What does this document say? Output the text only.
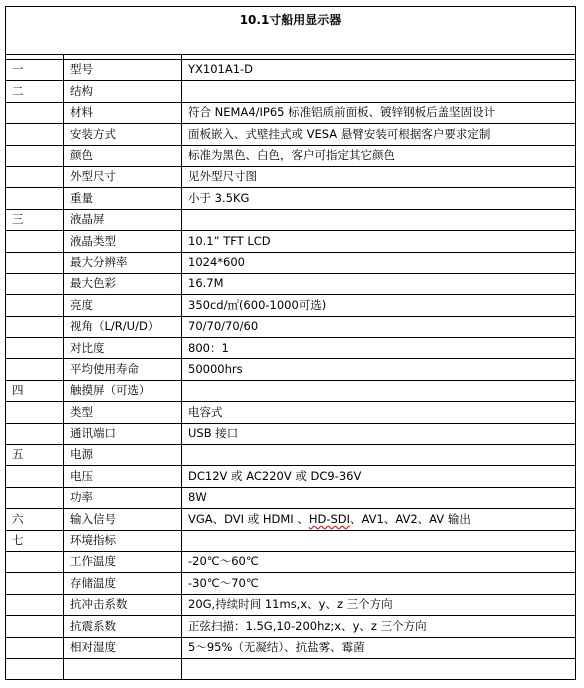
10.1寸船用显示器		

一	型号	YX101A1-D
二	结构	
	材料	符合 NEMA4/IP65 标准铝质前面板、镀锌钢板后盖坚固设计
	安装方式	面板嵌入、式壁挂式或 VESA 悬臂安装可根据客户要求定制
	颜色	标准为黑色、白色，客户可指定其它颜色
	外型尺寸	见外型尺寸图
	重量	小于 3.5KG
三	液晶屏	
	液晶类型	10.1” TFT LCD
	最大分辨率	1024*600
	最大色彩	16.7M
	亮度	350cd/㎡(600-1000可选)
	视角（L/R/U/D）	70/70/70/60
	对比度	800：1
	平均使用寿命	50000hrs
四	触摸屏（可选）	
	类型	电容式
	通讯端口	USB 接口
五	电源	
	电压	DC12V 或 AC220V 或 DC9-36V
	功率	8W
六	输入信号	VGA、DVI 或 HDMI 、HD-SDI、AV1、AV2、AV 输出
七	环境指标	
	工作温度	-20℃～60℃
	存储温度	-30℃～70℃
	抗冲击系数	20G,持续时间 11ms,x、y、z 三个方向
	抗震系数	正弦扫描：1.5G,10-200hz;x、y、z 三个方向
	相对湿度	5～95%（无凝结）、抗盐雾、霉菌
